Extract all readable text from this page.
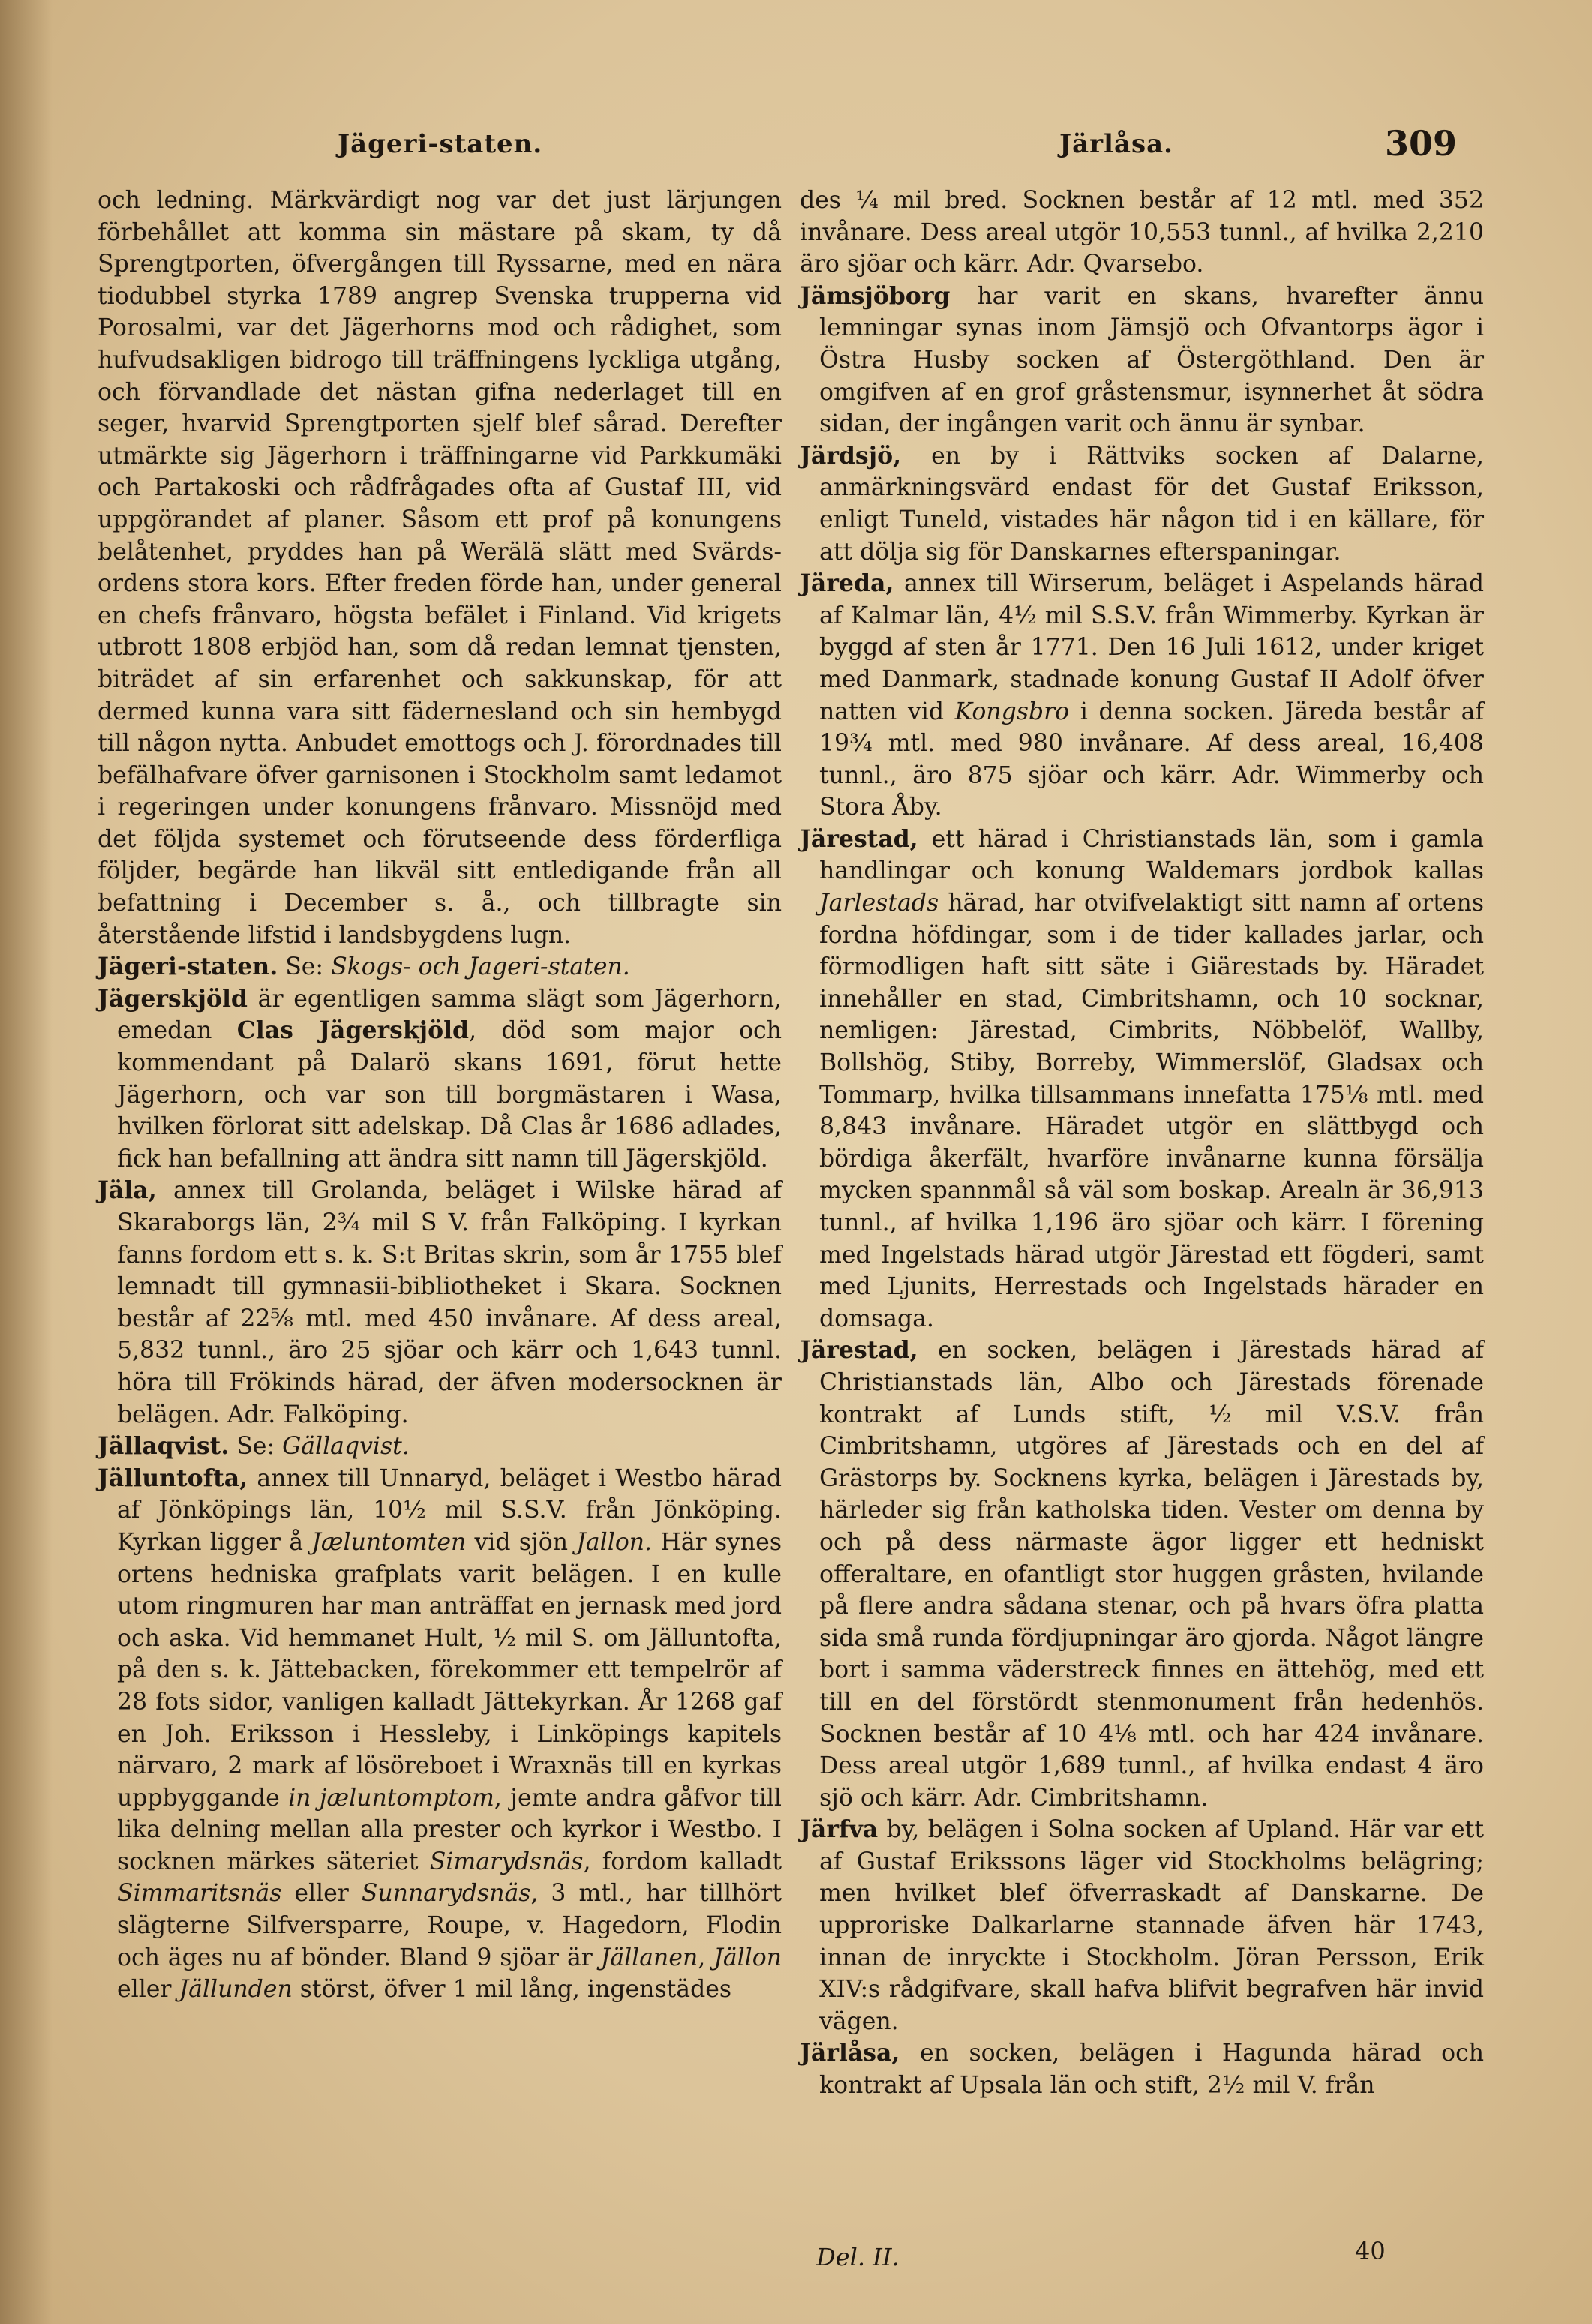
Jägeri-staten.	Järlåsa.	309

och ledning. Märkvärdigt nog var det just lärjungen förbehållet att komma sin mästare på skam, ty då Sprengtporten, öfvergången till Ryssarne, med en nära tiodubbel styrka 1789 angrep Svenska trupperna vid Porosalmi, var det Jägerhorns mod och rådighet, som hufvudsakligen bidrogo till träffningens lyckliga utgång, och förvandlade det nästan gifna nederlaget till en seger, hvarvid Sprengtporten sjelf blef sårad. Derefter utmärkte sig Jägerhorn i träffningarne vid Parkkumäki och Partakoski och rådfrågades ofta af Gustaf III, vid uppgörandet af planer. Såsom ett prof på konungens belåtenhet, pryddes han på Werälä slätt med Svärds-ordens stora kors. Efter freden förde han, under general en chefs frånvaro, högsta befälet i Finland. Vid krigets utbrott 1808 erbjöd han, som då redan lemnat tjensten, biträdet af sin erfarenhet och sakkunskap, för att dermed kunna vara sitt fädernesland och sin hembygd till någon nytta. Anbudet emottogs och J. förordnades till befälhafvare öfver garnisonen i Stockholm samt ledamot i regeringen under konungens frånvaro. Missnöjd med det följda systemet och förutseende dess förderfliga följder, begärde han likväl sitt entledigande från all befattning i December s. å., och tillbragte sin återstående lifstid i landsbygdens lugn.

Jägeri-staten. Se: Skogs- och Jageri-staten.

Jägerskjöld är egentligen samma slägt som Jägerhorn, emedan Clas Jägerskjöld, död som major och kommendant på Dalarö skans 1691, förut hette Jägerhorn, och var son till borgmästaren i Wasa, hvilken förlorat sitt adelskap. Då Clas år 1686 adlades, fick han befallning att ändra sitt namn till Jägerskjöld.

Jäla, annex till Grolanda, beläget i Wilske härad af Skaraborgs län, 2¾ mil S V. från Falköping. I kyrkan fanns fordom ett s. k. S:t Britas skrin, som år 1755 blef lemnadt till gymnasii-bibliotheket i Skara. Socknen består af 22⅝ mtl. med 450 invånare. Af dess areal, 5,832 tunnl., äro 25 sjöar och kärr och 1,643 tunnl. höra till Frökinds härad, der äfven modersocknen är belägen. Adr. Falköping.

Jällaqvist. Se: Gällaqvist.

Jälluntofta, annex till Unnaryd, beläget i Westbo härad af Jönköpings län, 10½ mil S.S.V. från Jönköping. Kyrkan ligger å Jæluntomten vid sjön Jallon. Här synes ortens hedniska grafplats varit belägen. I en kulle utom ringmuren har man anträffat en jernask med jord och aska. Vid hemmanet Hult, ½ mil S. om Jälluntofta, på den s. k. Jättebacken, förekommer ett tempelrör af 28 fots sidor, vanligen kalladt Jättekyrkan. År 1268 gaf en Joh. Eriksson i Hessleby, i Linköpings kapitels närvaro, 2 mark af lösöreboet i Wraxnäs till en kyrkas uppbyggande in jæluntomptom, jemte andra gåfvor till lika delning mellan alla prester och kyrkor i Westbo. I socknen märkes säteriet Simarydsnäs, fordom kalladt Simmaritsnäs eller Sunnarydsnäs, 3 mtl., har tillhört slägterne Silfversparre, Roupe, v. Hagedorn, Flodin och äges nu af bönder. Bland 9 sjöar är Jällanen, Jällon eller Jällunden störst, öfver 1 mil lång, ingenstädes

des ¼ mil bred. Socknen består af 12 mtl. med 352 invånare. Dess areal utgör 10,553 tunnl., af hvilka 2,210 äro sjöar och kärr. Adr. Qvarsebo.

Jämsjöborg har varit en skans, hvarefter ännu lemningar synas inom Jämsjö och Ofvantorps ägor i Östra Husby socken af Östergöthland. Den är omgifven af en grof gråstensmur, isynnerhet åt södra sidan, der ingången varit och ännu är synbar.

Järdsjö, en by i Rättviks socken af Dalarne, anmärkningsvärd endast för det Gustaf Eriksson, enligt Tuneld, vistades här någon tid i en källare, för att dölja sig för Danskarnes efterspaningar.

Järeda, annex till Wirserum, beläget i Aspelands härad af Kalmar län, 4½ mil S.S.V. från Wimmerby. Kyrkan är byggd af sten år 1771. Den 16 Juli 1612, under kriget med Danmark, stadnade konung Gustaf II Adolf öfver natten vid Kongsbro i denna socken. Järeda består af 19¾ mtl. med 980 invånare. Af dess areal, 16,408 tunnl., äro 875 sjöar och kärr. Adr. Wimmerby och Stora Åby.

Järestad, ett härad i Christianstads län, som i gamla handlingar och konung Waldemars jordbok kallas Jarlestads härad, har otvifvelaktigt sitt namn af ortens fordna höfdingar, som i de tider kallades jarlar, och förmodligen haft sitt säte i Giärestads by. Häradet innehåller en stad, Cimbritshamn, och 10 socknar, nemligen: Järestad, Cimbrits, Nöbbelöf, Wallby, Bollshög, Stiby, Borreby, Wimmerslöf, Gladsax och Tommarp, hvilka tillsammans innefatta 175⅛ mtl. med 8,843 invånare. Häradet utgör en slättbygd och bördiga åkerfält, hvarföre invånarne kunna försälja mycken spannmål så väl som boskap. Arealn är 36,913 tunnl., af hvilka 1,196 äro sjöar och kärr. I förening med Ingelstads härad utgör Järestad ett fögderi, samt med Ljunits, Herrestads och Ingelstads härader en domsaga.

Järestad, en socken, belägen i Järestads härad af Christianstads län, Albo och Järestads förenade kontrakt af Lunds stift, ½ mil V.S.V. från Cimbritshamn, utgöres af Järestads och en del af Grästorps by. Socknens kyrka, belägen i Järestads by, härleder sig från katholska tiden. Vester om denna by och på dess närmaste ägor ligger ett hedniskt offeraltare, en ofantligt stor huggen gråsten, hvilande på flere andra sådana stenar, och på hvars öfra platta sida små runda fördjupningar äro gjorda. Något längre bort i samma väderstreck finnes en ättehög, med ett till en del förstördt stenmonument från hedenhös. Socknen består af 10 4⅛ mtl. och har 424 invånare. Dess areal utgör 1,689 tunnl., af hvilka endast 4 äro sjö och kärr. Adr. Cimbritshamn.

Järfva by, belägen i Solna socken af Upland. Här var ett af Gustaf Erikssons läger vid Stockholms belägring; men hvilket blef öfverraskadt af Danskarne. De upproriske Dalkarlarne stannade äfven här 1743, innan de inryckte i Stockholm. Jöran Persson, Erik XIV:s rådgifvare, skall hafva blifvit begrafven här invid vägen.

Järlåsa, en socken, belägen i Hagunda härad och kontrakt af Upsala län och stift, 2½ mil V. från

Del. II.	40
